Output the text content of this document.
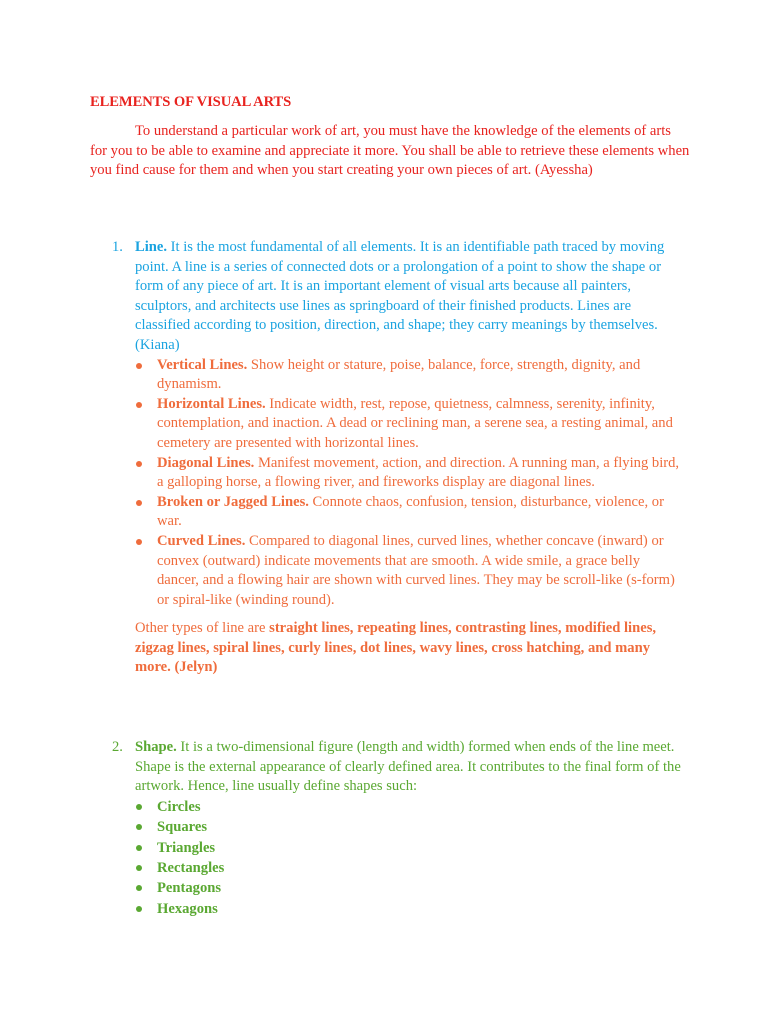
ELEMENTS OF VISUAL ARTS
To understand a particular work of art, you must have the knowledge of the elements of arts for you to be able to examine and appreciate it more. You shall be able to retrieve these elements when you find cause for them and when you start creating your own pieces of art. (Ayessha)
1. Line. It is the most fundamental of all elements. It is an identifiable path traced by moving point. A line is a series of connected dots or a prolongation of a point to show the shape or form of any piece of art. It is an important element of visual arts because all painters, sculptors, and architects use lines as springboard of their finished products. Lines are classified according to position, direction, and shape; they carry meanings by themselves. (Kiana)
Vertical Lines. Show height or stature, poise, balance, force, strength, dignity, and dynamism.
Horizontal Lines. Indicate width, rest, repose, quietness, calmness, serenity, infinity, contemplation, and inaction. A dead or reclining man, a serene sea, a resting animal, and cemetery are presented with horizontal lines.
Diagonal Lines. Manifest movement, action, and direction. A running man, a flying bird, a galloping horse, a flowing river, and fireworks display are diagonal lines.
Broken or Jagged Lines. Connote chaos, confusion, tension, disturbance, violence, or war.
Curved Lines. Compared to diagonal lines, curved lines, whether concave (inward) or convex (outward) indicate movements that are smooth. A wide smile, a grace belly dancer, and a flowing hair are shown with curved lines. They may be scroll-like (s-form) or spiral-like (winding round).
Other types of line are straight lines, repeating lines, contrasting lines, modified lines, zigzag lines, spiral lines, curly lines, dot lines, wavy lines, cross hatching, and many more. (Jelyn)
2. Shape. It is a two-dimensional figure (length and width) formed when ends of the line meet. Shape is the external appearance of clearly defined area. It contributes to the final form of the artwork. Hence, line usually define shapes such:
Circles
Squares
Triangles
Rectangles
Pentagons
Hexagons
